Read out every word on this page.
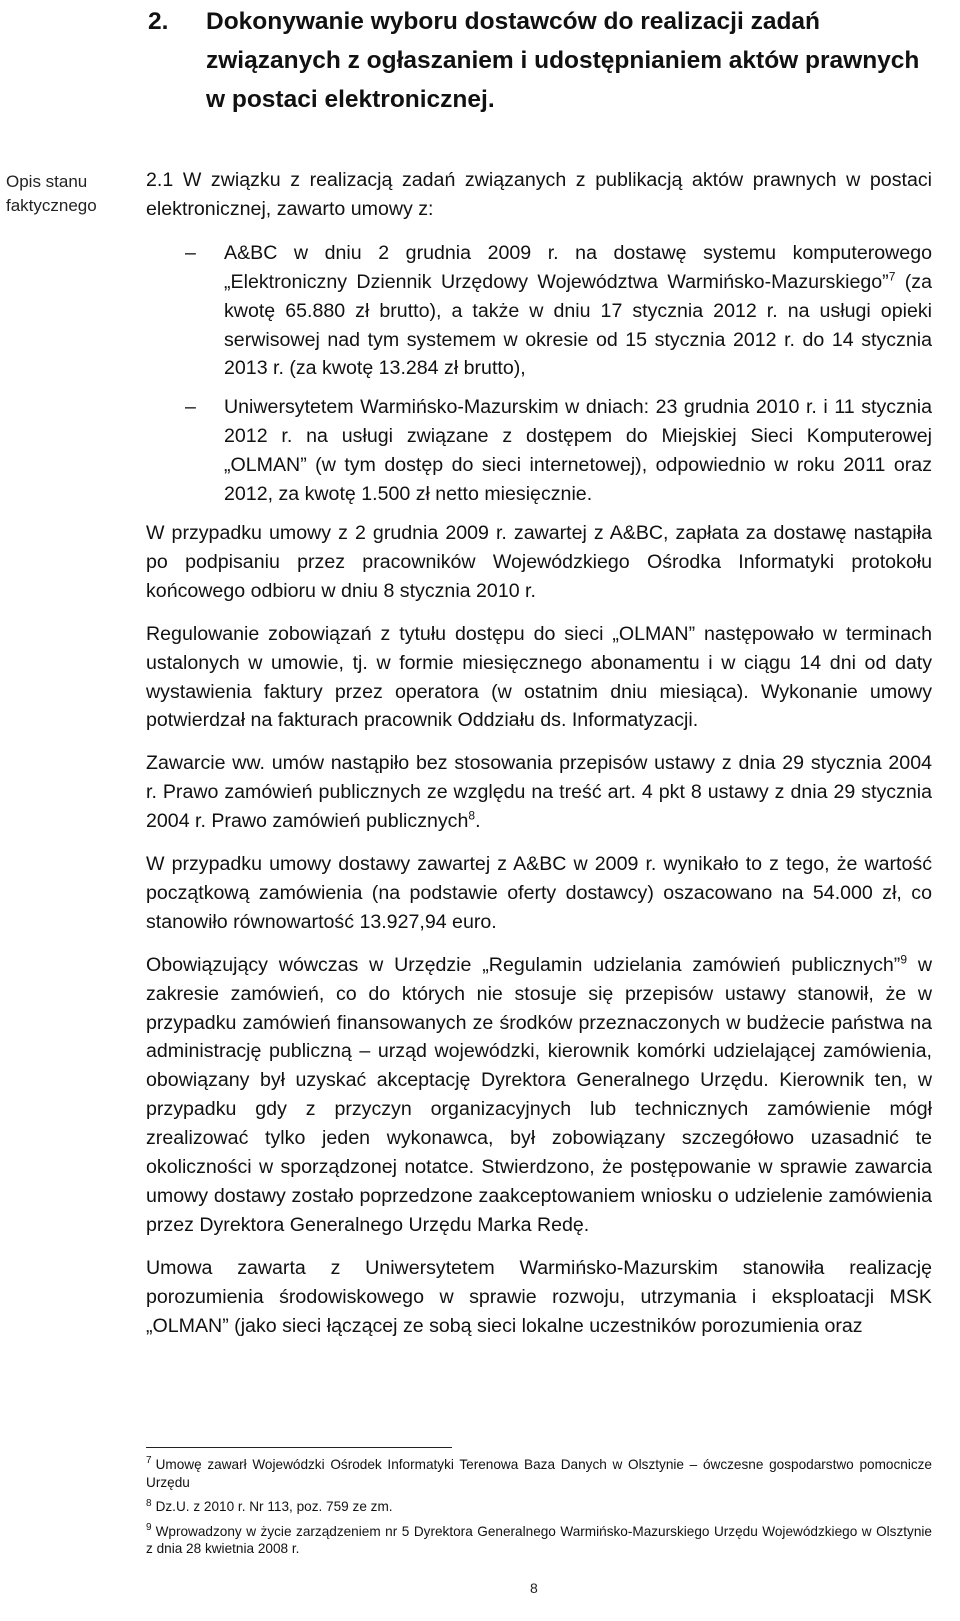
2.	Dokonywanie wyboru dostawców do realizacji zadań związanych z ogłaszaniem i udostępnianiem aktów prawnych w postaci elektronicznej.
Opis stanu faktycznego

2.1 W związku z realizacją zadań związanych z publikacją aktów prawnych w postaci elektronicznej, zawarto umowy z:

– A&BC w dniu 2 grudnia 2009 r. na dostawę systemu komputerowego „Elektroniczny Dziennik Urzędowy Województwa Warmińsko-Mazurskiego”$^7$ (za kwotę 65.880 zł brutto), a także w dniu 17 stycznia 2012 r. na usługi opieki serwisowej nad tym systemem w okresie od 15 stycznia 2012 r. do 14 stycznia 2013 r. (za kwotę 13.284 zł brutto),
– Uniwersytetem Warmińsko-Mazurskim w dniach: 23 grudnia 2010 r. i 11 stycznia 2012 r. na usługi związane z dostępem do Miejskiej Sieci Komputerowej „OLMAN” (w tym dostęp do sieci internetowej), odpowiednio w roku 2011 oraz 2012, za kwotę 1.500 zł netto miesięcznie.

W przypadku umowy z 2 grudnia 2009 r. zawartej z A&BC, zapłata za dostawę nastąpiła po podpisaniu przez pracowników Wojewódzkiego Ośrodka Informatyki protokołu końcowego odbioru w dniu 8 stycznia 2010 r.

Regulowanie zobowiązań z tytułu dostępu do sieci „OLMAN” następowało w terminach ustalonych w umowie, tj. w formie miesięcznego abonamentu i w ciągu 14 dni od daty wystawienia faktury przez operatora (w ostatnim dniu miesiąca). Wykonanie umowy potwierdzał na fakturach pracownik Oddziału ds. Informatyzacji.

Zawarcie ww. umów nastąpiło bez stosowania przepisów ustawy z dnia 29 stycznia 2004 r. Prawo zamówień publicznych ze względu na treść art. 4 pkt 8 ustawy z dnia 29 stycznia 2004 r. Prawo zamówień publicznych$^8$.

W przypadku umowy dostawy zawartej z A&BC w 2009 r. wynikało to z tego, że wartość początkową zamówienia (na podstawie oferty dostawcy) oszacowano na 54.000 zł, co stanowiło równowartość 13.927,94 euro.

Obowiązujący wówczas w Urzędzie „Regulamin udzielania zamówień publicznych”$^9$ w zakresie zamówień, co do których nie stosuje się przepisów ustawy stanowił, że w przypadku zamówień finansowanych ze środków przeznaczonych w budżecie państwa na administrację publiczną – urząd wojewódzki, kierownik komórki udzielającej zamówienia, obowiązany był uzyskać akceptację Dyrektora Generalnego Urzędu. Kierownik ten, w przypadku gdy z przyczyn organizacyjnych lub technicznych zamówienie mógł zrealizować tylko jeden wykonawca, był zobowiązany szczegółowo uzasadnić te okoliczności w sporządzonej notatce. Stwierdzono, że postępowanie w sprawie zawarcia umowy dostawy zostało poprzedzone zaakceptowaniem wniosku o udzielenie zamówienia przez Dyrektora Generalnego Urzędu Marka Redę.

Umowa zawarta z Uniwersytetem Warmińsko-Mazurskim stanowiła realizację porozumienia środowiskowego w sprawie rozwoju, utrzymania i eksploatacji MSK „OLMAN” (jako sieci łączącej ze sobą sieci lokalne uczestników porozumienia oraz

$^7$ Umowę zawarł Wojewódzki Ośrodek Informatyki Terenowa Baza Danych w Olsztynie – ówczesne gospodarstwo pomocnicze Urzędu

$^8$ Dz.U. z 2010 r. Nr 113, poz. 759 ze zm.

$^9$ Wprowadzony w życie zarządzeniem nr 5 Dyrektora Generalnego Warmińsko-Mazurskiego Urzędu Wojewódzkiego w Olsztynie z dnia 28 kwietnia 2008 r.

8
